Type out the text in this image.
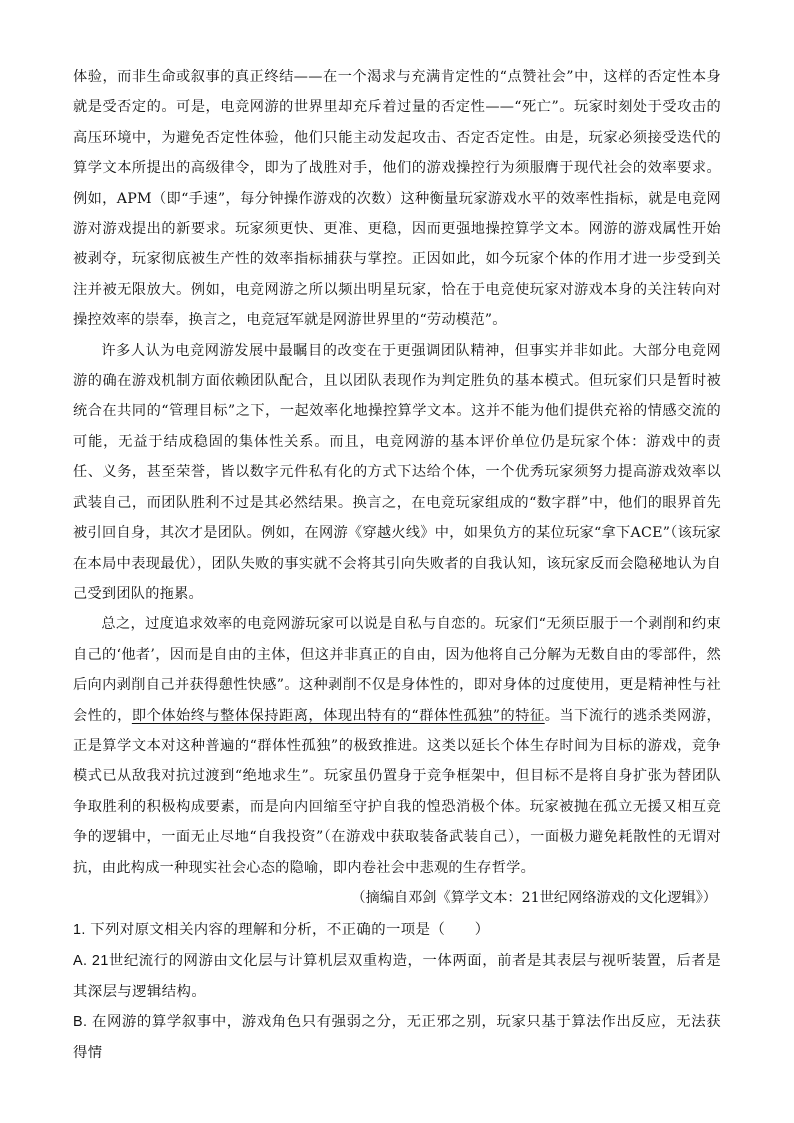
体验，而非生命或叙事的真正终结——在一个渴求与充满肯定性的“点赞社会”中，这样的否定性本身就是受否定的。可是，电竞网游的世界里却充斥着过量的否定性——“死亡”。玩家时刻处于受攻击的高压环境中，为避免否定性体验，他们只能主动发起攻击、否定否定性。由是，玩家必须接受迭代的算学文本所提出的高级律令，即为了战胜对手，他们的游戏操控行为须服膺于现代社会的效率要求。例如，APM（即“手速”，每分钟操作游戏的次数）这种衡量玩家游戏水平的效率性指标，就是电竞网游对游戏提出的新要求。玩家须更快、更准、更稳，因而更强地操控算学文本。网游的游戏属性开始被剥夺，玩家彻底被生产性的效率指标捕获与掌控。正因如此，如今玩家个体的作用才进一步受到关注并被无限放大。例如，电竞网游之所以频出明星玩家，恰在于电竞使玩家对游戏本身的关注转向对操控效率的崇奉，换言之，电竞冠军就是网游世界里的“劳动模范”。

许多人认为电竞网游发展中最瞩目的改变在于更强调团队精神，但事实并非如此。大部分电竞网游的确在游戏机制方面依赖团队配合，且以团队表现作为判定胜负的基本模式。但玩家们只是暂时被统合在共同的“管理目标”之下，一起效率化地操控算学文本。这并不能为他们提供充裕的情感交流的可能，无益于结成稳固的集体性关系。而且，电竞网游的基本评价单位仍是玩家个体：游戏中的责任、义务，甚至荣誉，皆以数字元件私有化的方式下达给个体，一个优秀玩家须努力提高游戏效率以武装自己，而团队胜利不过是其必然结果。换言之，在电竞玩家组成的“数字群”中，他们的眼界首先被引回自身，其次才是团队。例如，在网游《穿越火线》中，如果负方的某位玩家“拿下ACE”（该玩家在本局中表现最优），团队失败的事实就不会将其引向失败者的自我认知，该玩家反而会隐秘地认为自己受到团队的拖累。

总之，过度追求效率的电竞网游玩家可以说是自私与自恋的。玩家们“无须臣服于一个剥削和约束自己的‘他者’，因而是自由的主体，但这并非真正的自由，因为他将自己分解为无数自由的零部件，然后向内剥削自己并获得憩性快感”。这种剥削不仅是身体性的，即对身体的过度使用，更是精神性与社会性的，即个体始终与整体保持距离，体现出特有的“群体性孤独”的特征。当下流行的逃杀类网游，正是算学文本对这种普遍的“群体性孤独”的极致推进。这类以延长个体生存时间为目标的游戏，竞争模式已从敌我对抗过渡到“绝地求生”。玩家虽仍置身于竞争框架中，但目标不是将自身扩张为替团队争取胜利的积极构成要素，而是向内回缩至守护自我的惶恐消极个体。玩家被抛在孤立无援又相互竞争的逻辑中，一面无止尽地“自我投资”（在游戏中获取装备武装自己），一面极力避免耗散性的无谓对抗，由此构成一种现实社会心态的隐喻，即内卷社会中悲观的生存哲学。

（摘编自邓剑《算学文本：21世纪网络游戏的文化逻辑》）

1. 下列对原文相关内容的理解和分析，不正确的一项是（　　）

A. 21世纪流行的网游由文化层与计算机层双重构造，一体两面，前者是其表层与视听装置，后者是其深层与逻辑结构。

B. 在网游的算学叙事中，游戏角色只有强弱之分，无正邪之别，玩家只基于算法作出反应，无法获得情
